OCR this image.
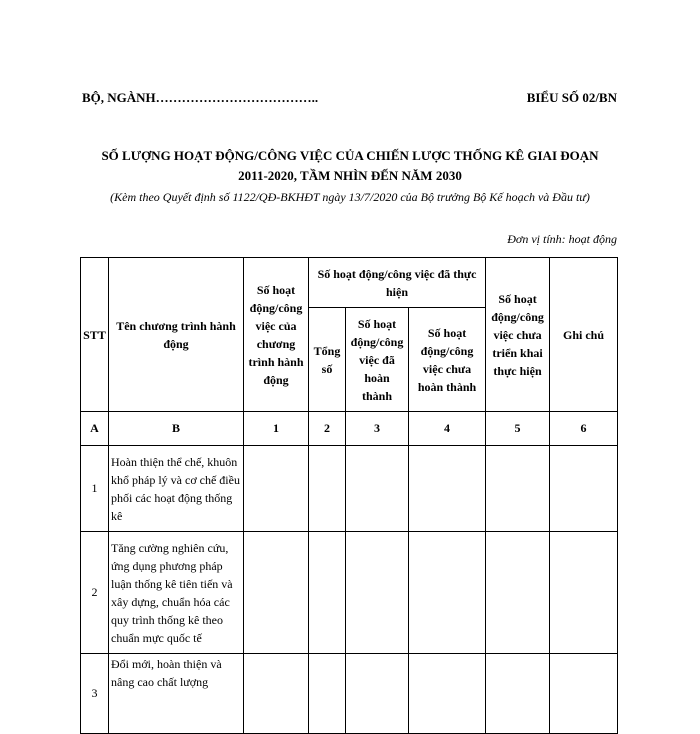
BỘ, NGÀNH………………………………..	BIỂU SỐ 02/BN
SỐ LƯỢNG HOẠT ĐỘNG/CÔNG VIỆC CỦA CHIẾN LƯỢC THỐNG KÊ GIAI ĐOẠN
2011-2020, TẦM NHÌN ĐẾN NĂM 2030
(Kèm theo Quyết định số 1122/QĐ-BKHĐT ngày 13/7/2020 của Bộ trưởng Bộ Kế hoạch và Đầu tư)
Đơn vị tính: hoạt động
STT	Tên chương trình hành động	Số hoạt động/công việc của chương trình hành động	Số hoạt động/công việc đã thực hiện			Số hoạt động/công việc chưa triển khai thực hiện	Ghi chú
			Tổng số	Số hoạt động/công việc đã hoàn thành	Số hoạt động/công việc chưa hoàn thành		
A	B	1	2	3	4	5	6
1	Hoàn thiện thể chế, khuôn khổ pháp lý và cơ chế điều phối các hoạt động thống kê						
2	Tăng cường nghiên cứu, ứng dụng phương pháp luận thống kê tiên tiến và xây dựng, chuẩn hóa các quy trình thống kê theo chuẩn mực quốc tế						
3	Đổi mới, hoàn thiện và nâng cao chất lượng						
